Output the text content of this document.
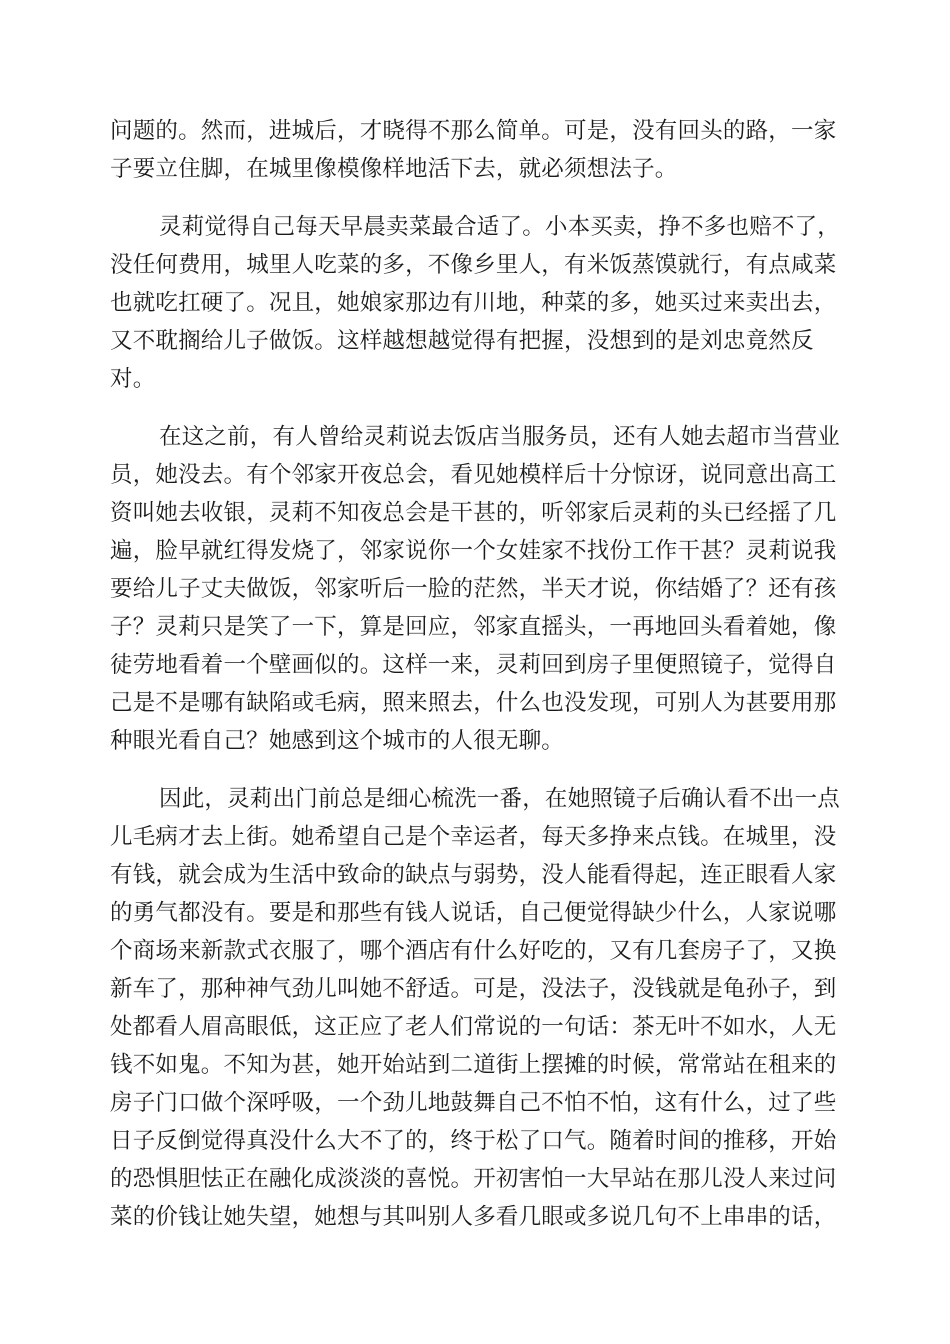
问题的。然而，进城后，才晓得不那么简单。可是，没有回头的路，一家
子要立住脚，在城里像模像样地活下去，就必须想法子。
灵莉觉得自己每天早晨卖菜最合适了。小本买卖，挣不多也赔不了，
没任何费用，城里人吃菜的多，不像乡里人，有米饭蒸馍就行，有点咸菜
也就吃扛硬了。况且，她娘家那边有川地，种菜的多，她买过来卖出去，
又不耽搁给儿子做饭。这样越想越觉得有把握，没想到的是刘忠竟然反
对。
在这之前，有人曾给灵莉说去饭店当服务员，还有人她去超市当营业
员，她没去。有个邻家开夜总会，看见她模样后十分惊讶，说同意出高工
资叫她去收银，灵莉不知夜总会是干甚的，听邻家后灵莉的头已经摇了几
遍，脸早就红得发烧了，邻家说你一个女娃家不找份工作干甚？灵莉说我
要给儿子丈夫做饭，邻家听后一脸的茫然，半天才说，你结婚了？还有孩
子？灵莉只是笑了一下，算是回应，邻家直摇头，一再地回头看着她，像
徒劳地看着一个壁画似的。这样一来，灵莉回到房子里便照镜子，觉得自
己是不是哪有缺陷或毛病，照来照去，什么也没发现，可别人为甚要用那
种眼光看自己？她感到这个城市的人很无聊。
因此，灵莉出门前总是细心梳洗一番，在她照镜子后确认看不出一点
儿毛病才去上街。她希望自己是个幸运者，每天多挣来点钱。在城里，没
有钱，就会成为生活中致命的缺点与弱势，没人能看得起，连正眼看人家
的勇气都没有。要是和那些有钱人说话，自己便觉得缺少什么，人家说哪
个商场来新款式衣服了，哪个酒店有什么好吃的，又有几套房子了，又换
新车了，那种神气劲儿叫她不舒适。可是，没法子，没钱就是龟孙子，到
处都看人眉高眼低，这正应了老人们常说的一句话：茶无叶不如水，人无
钱不如鬼。不知为甚，她开始站到二道街上摆摊的时候，常常站在租来的
房子门口做个深呼吸，一个劲儿地鼓舞自己不怕不怕，这有什么，过了些
日子反倒觉得真没什么大不了的，终于松了口气。随着时间的推移，开始
的恐惧胆怯正在融化成淡淡的喜悦。开初害怕一大早站在那儿没人来过问
菜的价钱让她失望，她想与其叫别人多看几眼或多说几句不上串串的话，
